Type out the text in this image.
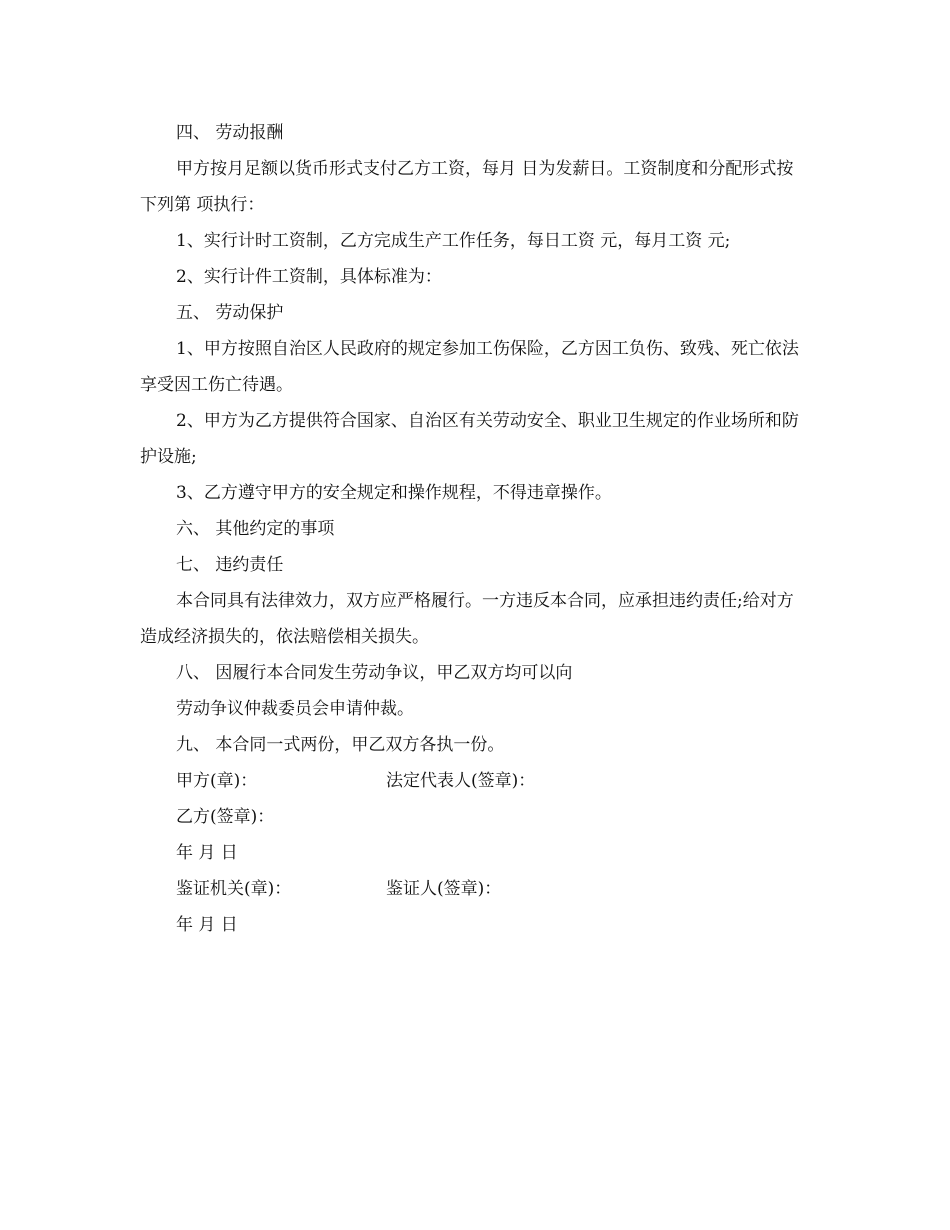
四、 劳动报酬

甲方按月足额以货币形式支付乙方工资，每月 日为发薪日。工资制度和分配形式按下列第 项执行：

1、实行计时工资制，乙方完成生产工作任务，每日工资 元，每月工资 元;

2、实行计件工资制，具体标准为：

五、 劳动保护

1、甲方按照自治区人民政府的规定参加工伤保险，乙方因工负伤、致残、死亡依法享受因工伤亡待遇。

2、甲方为乙方提供符合国家、自治区有关劳动安全、职业卫生规定的作业场所和防护设施;

3、乙方遵守甲方的安全规定和操作规程，不得违章操作。

六、 其他约定的事项

七、 违约责任

本合同具有法律效力，双方应严格履行。一方违反本合同，应承担违约责任;给对方造成经济损失的，依法赔偿相关损失。

八、 因履行本合同发生劳动争议，甲乙双方均可以向

劳动争议仲裁委员会申请仲裁。

九、 本合同一式两份，甲乙双方各执一份。

甲方(章)：	法定代表人(签章)：
乙方(签章)：
年 月 日
鉴证机关(章)：	鉴证人(签章)：
年 月 日
